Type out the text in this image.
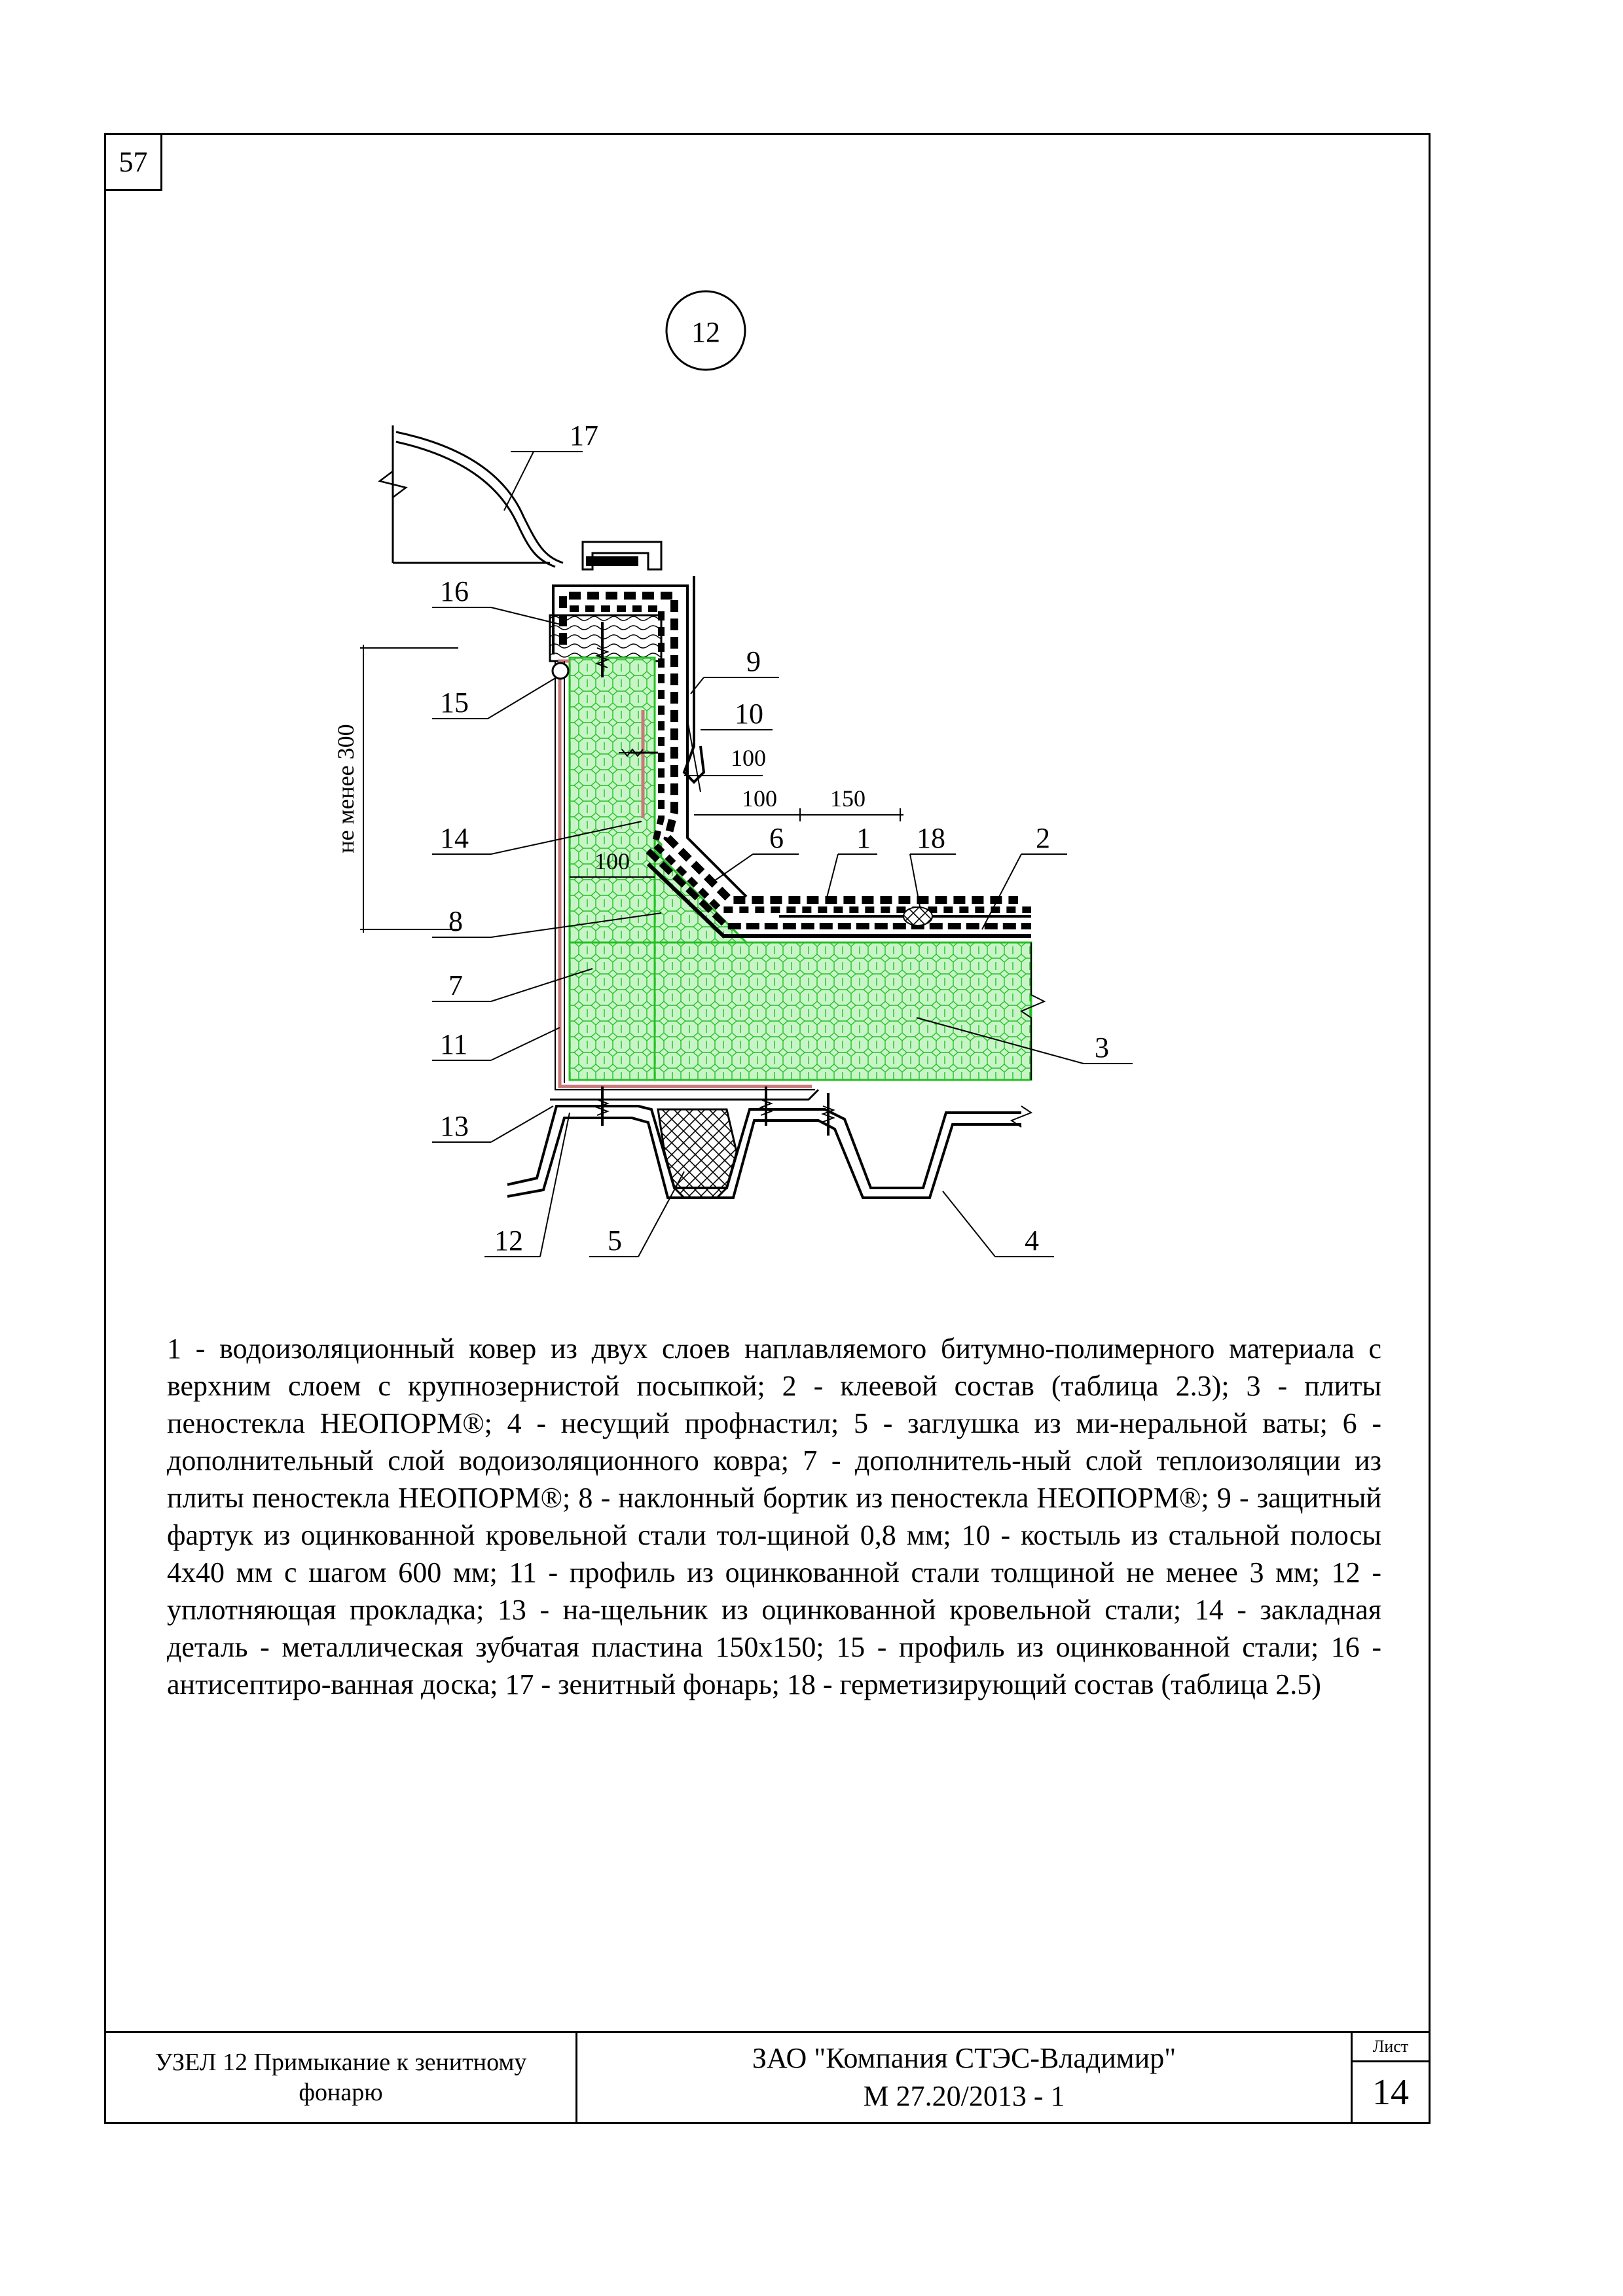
57
12
не менее 300	100
100 150
100
17
16
15
9
10
14	6	1 18	2
8
7
11	3
13
12	5	4
1 - водоизоляционный ковер из двух слоев наплавляемого битумно-полимерного материала с верхним слоем с крупнозернистой посыпкой; 2 - клеевой состав (таблица 2.3); 3 - плиты пеностекла НЕОПОРМ®; 4 - несущий профнастил; 5 - заглушка из ми-неральной ваты; 6 - дополнительный слой водоизоляционного ковра; 7 - дополнитель-ный слой теплоизоляции из плиты пеностекла НЕОПОРМ®; 8 - наклонный бортик из пеностекла НЕОПОРМ®; 9 - защитный фартук из оцинкованной кровельной стали тол-щиной 0,8 мм; 10 - костыль из стальной полосы 4х40 мм с шагом 600 мм; 11 - профиль из оцинкованной стали толщиной не менее 3 мм; 12 - уплотняющая прокладка; 13 - на-щельник из оцинкованной кровельной стали; 14 - закладная деталь - металлическая зубчатая пластина 150х150; 15 - профиль из оцинкованной стали; 16 - антисептиро-ванная доска; 17 - зенитный фонарь; 18 - герметизирующий состав (таблица 2.5)
УЗЕЛ 12 Примыкание к зенитному фонарю
ЗАО "Компания СТЭС-Владимир"
М 27.20/2013 - 1
Лист
14
